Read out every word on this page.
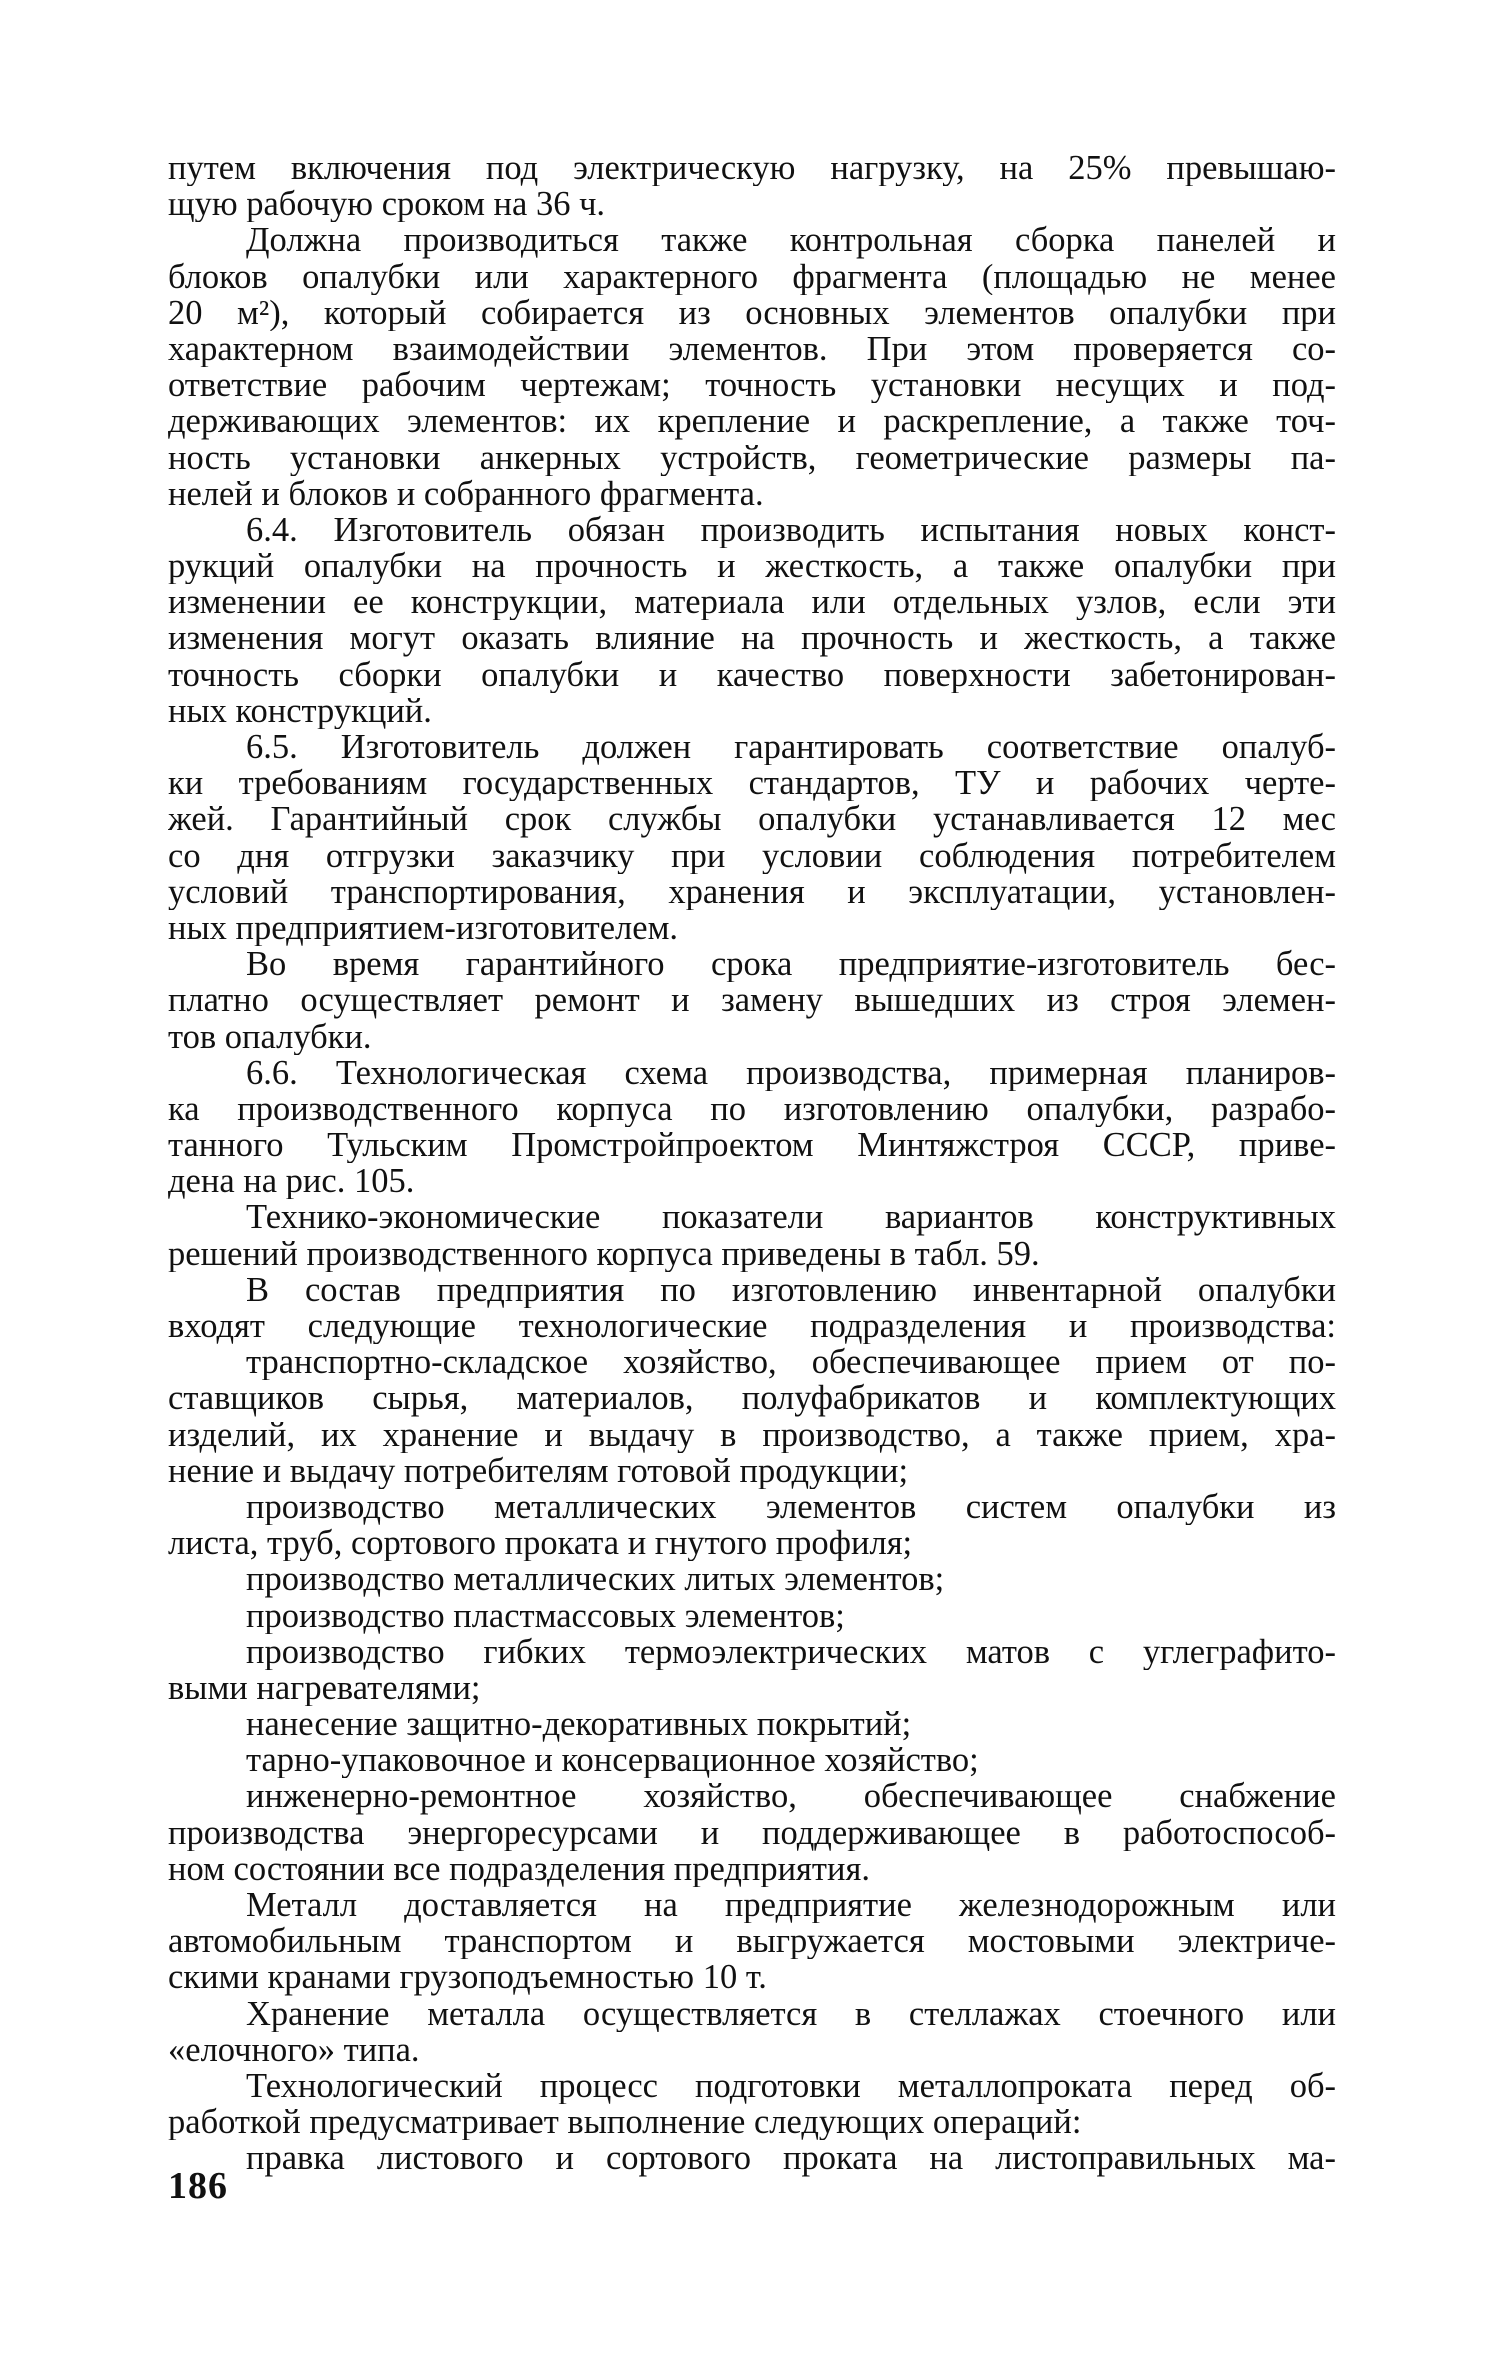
путем включения под электрическую нагрузку, на 25% превышаю-
щую рабочую сроком на 36 ч.
Должна производиться также контрольная сборка панелей и
блоков опалубки или характерного фрагмента (площадью не менее
20 м²), который собирается из основных элементов опалубки при
характерном взаимодействии элементов. При этом проверяется со-
ответствие рабочим чертежам; точность установки несущих и под-
держивающих элементов: их крепление и раскрепление, а также точ-
ность установки анкерных устройств, геометрические размеры па-
нелей и блоков и собранного фрагмента.
6.4. Изготовитель обязан производить испытания новых конст-
рукций опалубки на прочность и жесткость, а также опалубки при
изменении ее конструкции, материала или отдельных узлов, если эти
изменения могут оказать влияние на прочность и жесткость, а также
точность сборки опалубки и качество поверхности забетонирован-
ных конструкций.
6.5. Изготовитель должен гарантировать соответствие опалуб-
ки требованиям государственных стандартов, ТУ и рабочих черте-
жей. Гарантийный срок службы опалубки устанавливается 12 мес
со дня отгрузки заказчику при условии соблюдения потребителем
условий транспортирования, хранения и эксплуатации, установлен-
ных предприятием-изготовителем.
Во время гарантийного срока предприятие-изготовитель бес-
платно осуществляет ремонт и замену вышедших из строя элемен-
тов опалубки.
6.6. Технологическая схема производства, примерная планиров-
ка производственного корпуса по изготовлению опалубки, разрабо-
танного Тульским Промстройпроектом Минтяжстроя СССР, приве-
дена на рис. 105.
Технико-экономические показатели вариантов конструктивных
решений производственного корпуса приведены в табл. 59.
В состав предприятия по изготовлению инвентарной опалубки
входят следующие технологические подразделения и производства:
транспортно-складское хозяйство, обеспечивающее прием от по-
ставщиков сырья, материалов, полуфабрикатов и комплектующих
изделий, их хранение и выдачу в производство, а также прием, хра-
нение и выдачу потребителям готовой продукции;
производство металлических элементов систем опалубки из
листа, труб, сортового проката и гнутого профиля;
производство металлических литых элементов;
производство пластмассовых элементов;
производство гибких термоэлектрических матов с углеграфито-
выми нагревателями;
нанесение защитно-декоративных покрытий;
тарно-упаковочное и консервационное хозяйство;
инженерно-ремонтное хозяйство, обеспечивающее снабжение
производства энергоресурсами и поддерживающее в работоспособ-
ном состоянии все подразделения предприятия.
Металл доставляется на предприятие железнодорожным или
автомобильным транспортом и выгружается мостовыми электриче-
скими кранами грузоподъемностью 10 т.
Хранение металла осуществляется в стеллажах стоечного или
«елочного» типа.
Технологический процесс подготовки металлопроката перед об-
работкой предусматривает выполнение следующих операций:
правка листового и сортового проката на листоправильных ма-
186
